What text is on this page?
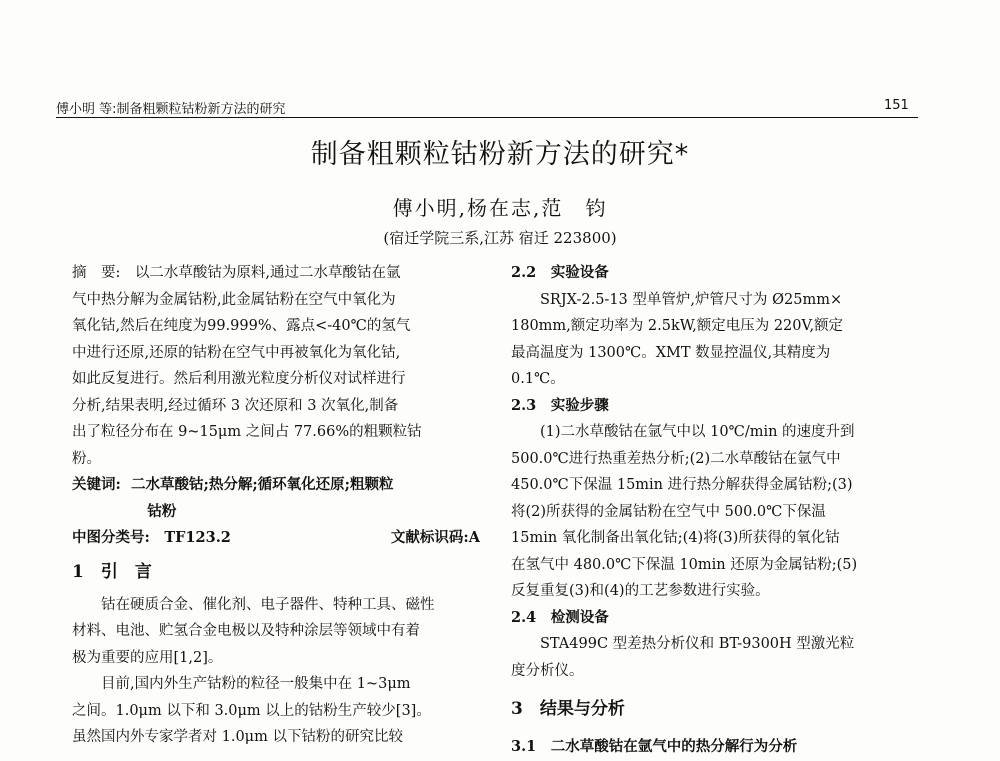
傅小明 等:制备粗颗粒钴粉新方法的研究	151
制备粗颗粒钴粉新方法的研究*
傅小明,杨在志,范　钧
(宿迁学院三系,江苏 宿迁 223800)
摘　要:　以二水草酸钴为原料,通过二水草酸钴在氩
气中热分解为金属钴粉,此金属钴粉在空气中氧化为
氧化钴,然后在纯度为99.999%、露点<-40℃的氢气
中进行还原,还原的钴粉在空气中再被氧化为氧化钴,
如此反复进行。然后利用激光粒度分析仪对试样进行
分析,结果表明,经过循环 3 次还原和 3 次氧化,制备
出了粒径分布在 9~15μm 之间占 77.66%的粗颗粒钴
粉。
关键词: 二水草酸钴;热分解;循环氧化还原;粗颗粒
钴粉
中图分类号:　TF123.2	文献标识码:A
1　引　言
钴在硬质合金、催化剂、电子器件、特种工具、磁性
材料、电池、贮氢合金电极以及特种涂层等领域中有着
极为重要的应用[1,2]。
目前,国内外生产钴粉的粒径一般集中在 1~3μm
之间。1.0μm 以下和 3.0μm 以上的钴粉生产较少[3]。
虽然国内外专家学者对 1.0μm 以下钴粉的研究比较
2.2　实验设备
SRJX-2.5-13 型单管炉,炉管尺寸为 Ø25mm×
180mm,额定功率为 2.5kW,额定电压为 220V,额定
最高温度为 1300℃。XMT 数显控温仪,其精度为
0.1℃。
2.3　实验步骤
(1)二水草酸钴在氩气中以 10℃/min 的速度升到
500.0℃进行热重差热分析;(2)二水草酸钴在氩气中
450.0℃下保温 15min 进行热分解获得金属钴粉;(3)
将(2)所获得的金属钴粉在空气中 500.0℃下保温
15min 氧化制备出氧化钴;(4)将(3)所获得的氧化钴
在氢气中 480.0℃下保温 10min 还原为金属钴粉;(5)
反复重复(3)和(4)的工艺参数进行实验。
2.4　检测设备
STA499C 型差热分析仪和 BT-9300H 型激光粒
度分析仪。
3　结果与分析
3.1　二水草酸钴在氩气中的热分解行为分析
